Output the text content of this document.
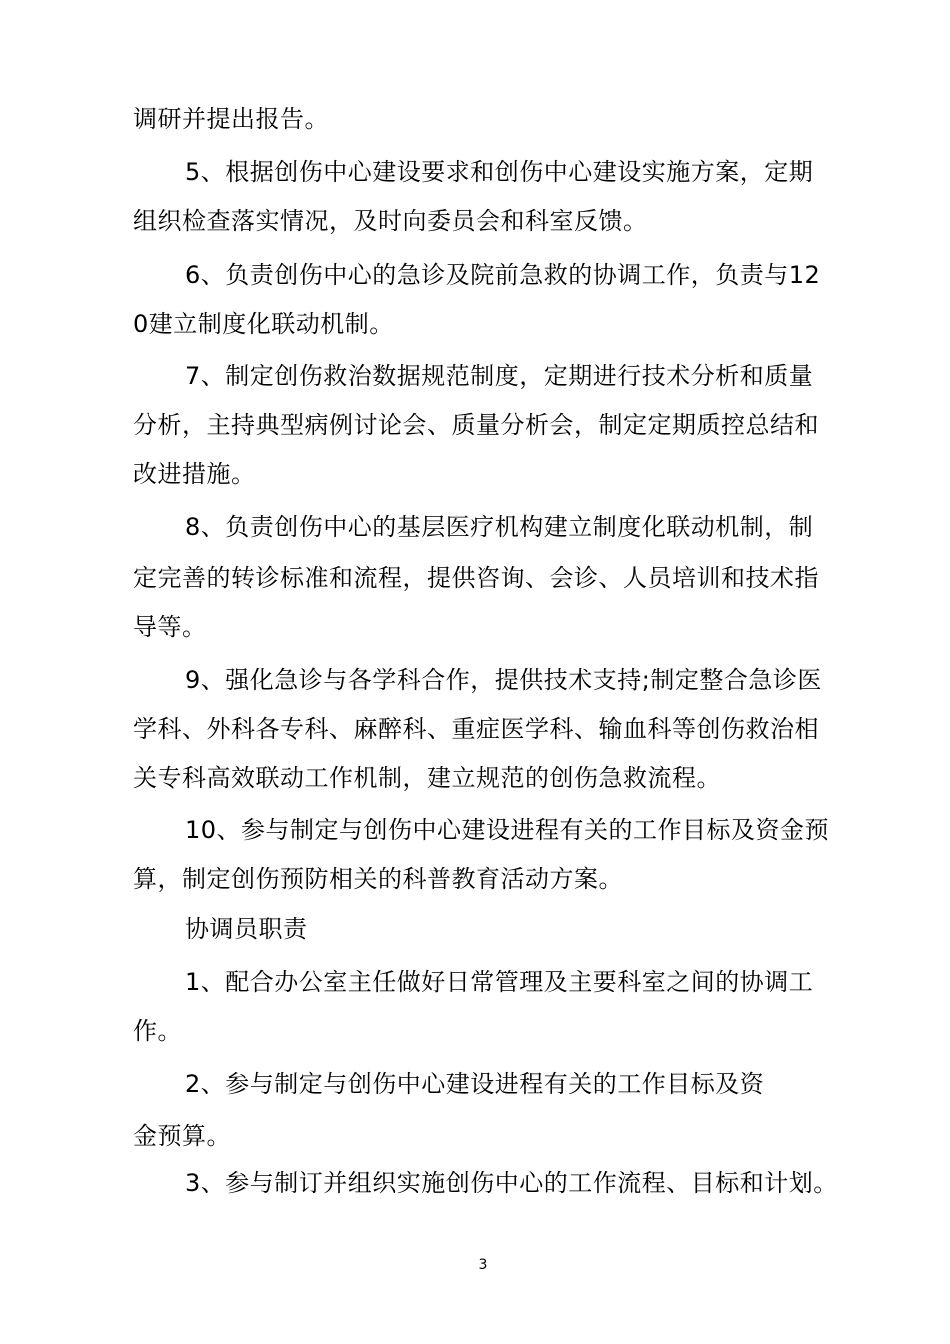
调研并提出报告。
5、根据创伤中心建设要求和创伤中心建设实施方案，定期
组织检查落实情况，及时向委员会和科室反馈。
6、负责创伤中心的急诊及院前急救的协调工作，负责与12
0建立制度化联动机制。
7、制定创伤救治数据规范制度，定期进行技术分析和质量
分析，主持典型病例讨论会、质量分析会，制定定期质控总结和
改进措施。
8、负责创伤中心的基层医疗机构建立制度化联动机制，制
定完善的转诊标准和流程，提供咨询、会诊、人员培训和技术指
导等。
9、强化急诊与各学科合作，提供技术支持;制定整合急诊医
学科、外科各专科、麻醉科、重症医学科、输血科等创伤救治相
关专科高效联动工作机制，建立规范的创伤急救流程。
10、参与制定与创伤中心建设进程有关的工作目标及资金预
算，制定创伤预防相关的科普教育活动方案。
协调员职责
1、配合办公室主任做好日常管理及主要科室之间的协调工
作。
2、参与制定与创伤中心建设进程有关的工作目标及资
金预算。
3、参与制订并组织实施创伤中心的工作流程、目标和计划。
3
